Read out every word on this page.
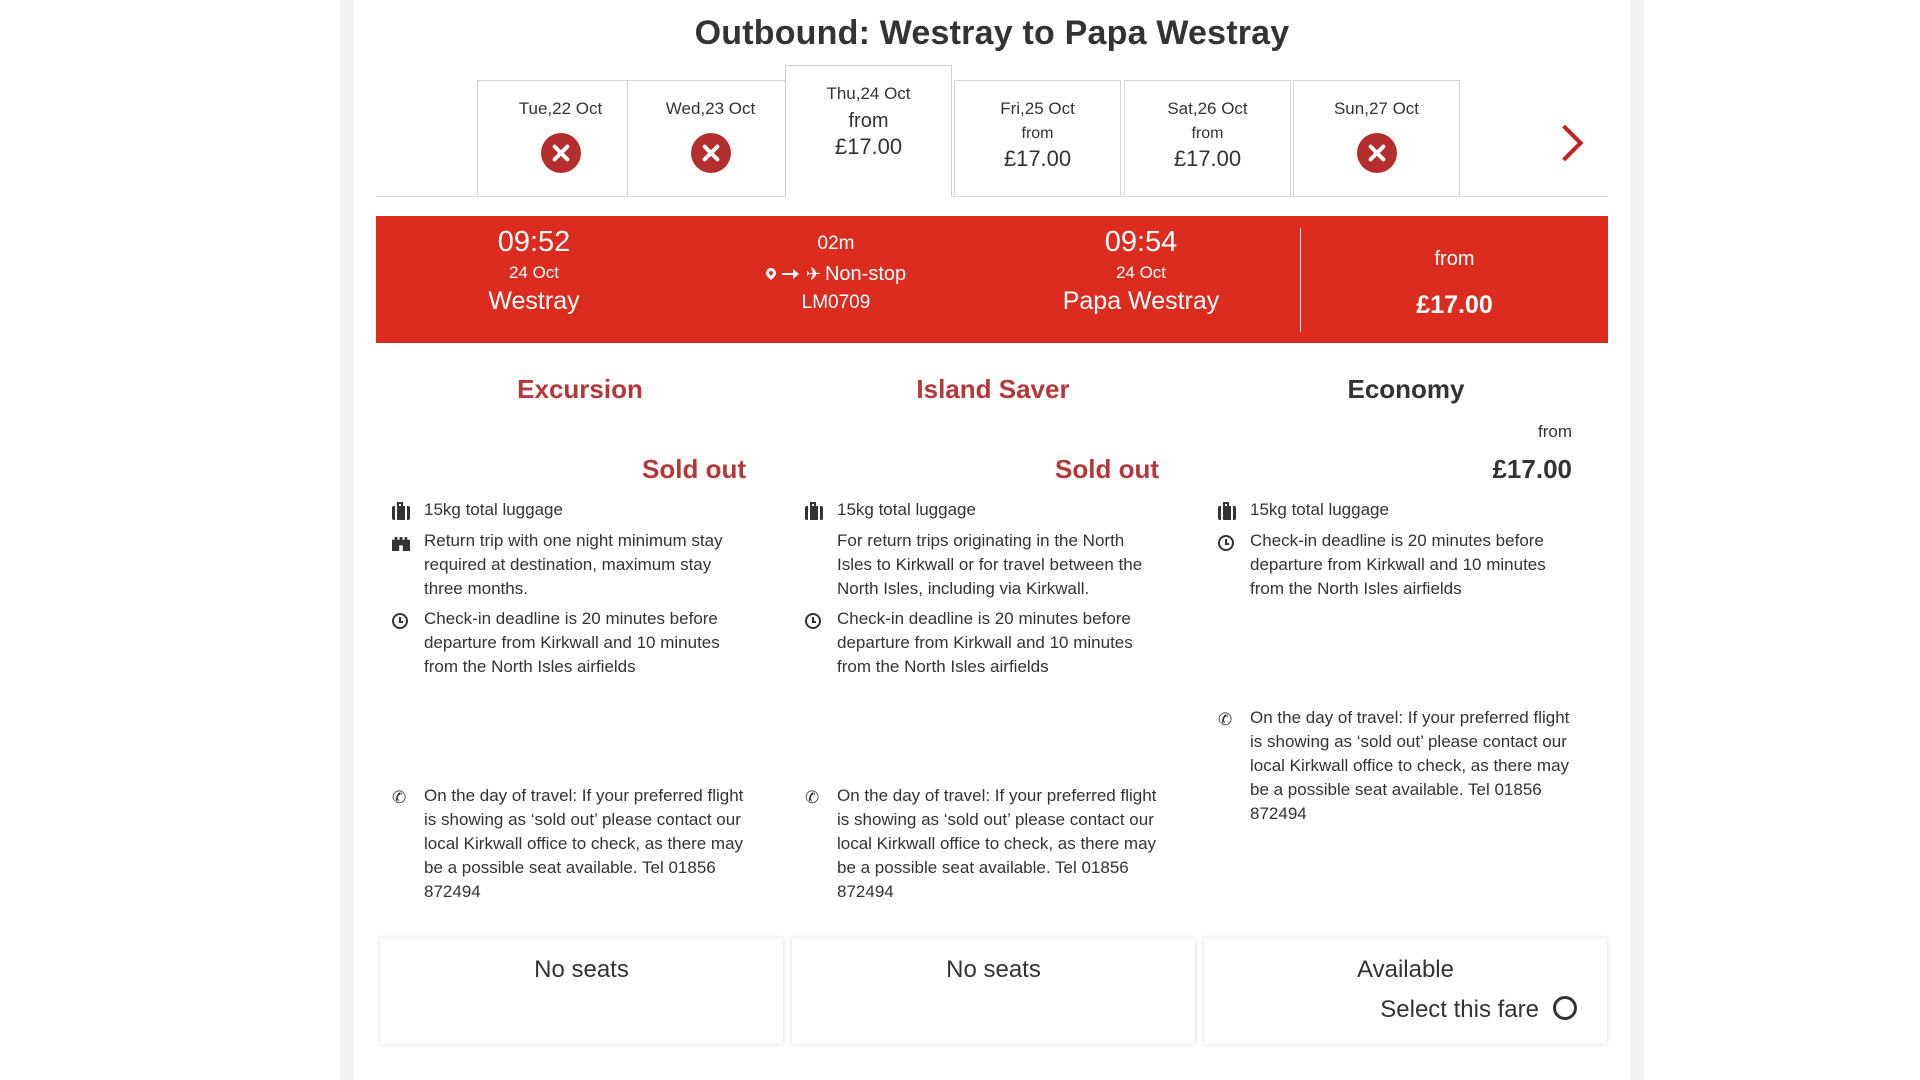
Outbound: Westray to Papa Westray
Tue,22 Oct	Wed,23 Oct
Thu,24 Oct
from
£17.00
Fri,25 Oct
from
£17.00
Sat,26 Oct
from
£17.00
Sun,27 Oct
09:52
24 Oct
Westray
02m
✈ Non-stop
LM0709
09:54
24 Oct
Papa Westray
from
£17.00
Excursion
Sold out
15kg total luggage
Return trip with one night minimum stay required at destination, maximum stay three months.
Check-in deadline is 20 minutes before departure from Kirkwall and 10 minutes from the North Isles airfields
✆ On the day of travel: If your preferred flight is showing as ‘sold out’ please contact our local Kirkwall office to check, as there may be a possible seat available. Tel 01856 872494
Island Saver
Sold out
15kg total luggage
For return trips originating in the North Isles to Kirkwall or for travel between the North Isles, including via Kirkwall.
Check-in deadline is 20 minutes before departure from Kirkwall and 10 minutes from the North Isles airfields
✆ On the day of travel: If your preferred flight is showing as ‘sold out’ please contact our local Kirkwall office to check, as there may be a possible seat available. Tel 01856 872494
Economy
from
£17.00
15kg total luggage
Check-in deadline is 20 minutes before departure from Kirkwall and 10 minutes from the North Isles airfields
✆ On the day of travel: If your preferred flight is showing as ‘sold out’ please contact our local Kirkwall office to check, as there may be a possible seat available. Tel 01856 872494
No seats	No seats	Available
Select this fare
